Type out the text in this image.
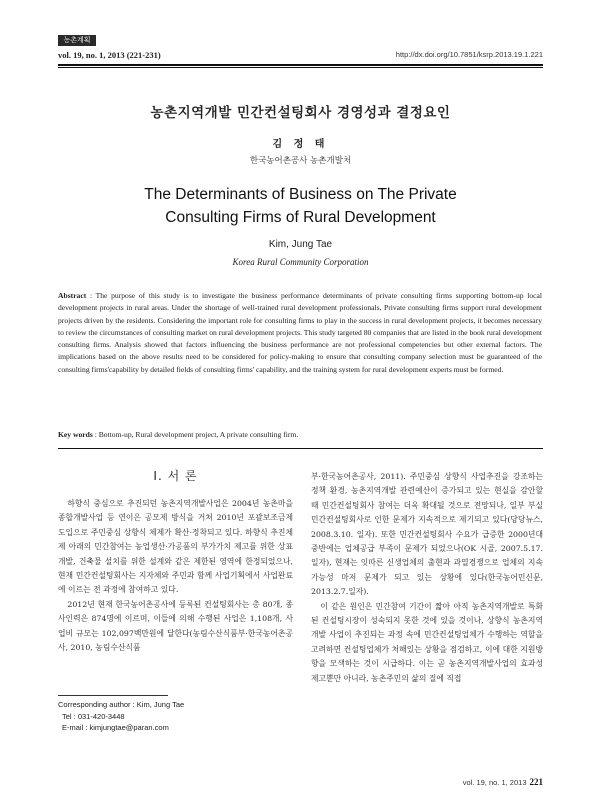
농촌계획
vol. 19, no. 1, 2013 (221-231)	http://dx.doi.org/10.7851/ksrp.2013.19.1.221
농촌지역개발 민간컨설팅회사 경영성과 결정요인
김 정 태
한국농어촌공사 농촌개발처
The Determinants of Business on The Private
Consulting Firms of Rural Development
Kim, Jung Tae
Korea Rural Community Corporation
Abstract : The purpose of this study is to investigate the business performance determinants of private consulting firms supporting bottom-up local development projects in rural areas. Under the shortage of well-trained rural development professionals, Private consulting firms support rural development projects driven by the residents. Considering the important role for consulting firms to play in the success in rural development projects, it becomes necessary to review the circumstances of consulting market on rural development projects. This study targeted 80 companies that are listed in the book rural development consulting firms. Analysis showed that factors influencing the business performance are not professional competencies but other external factors. The implications based on the above results need to be considered for policy-making to ensure that consulting company selection must be guaranteed of the consulting firms'capability by detailed fields of consulting firms' capability, and the training system for rural development experts must be formed.
Key words : Bottom-up, Rural development project, A private consulting firm.
I. 서 론

하향식 중심으로 추진되던 농촌지역개발사업은 2004년 농촌마을종합개발사업 등 연이은 공모제 방식을 거쳐 2010년 포괄보조금제 도입으로 주민중심 상향식 체제가 확산·정착되고 있다. 하향식 추진체제 아래의 민간참여는 농업생산·가공품의 부가가치 제고를 위한 상표개발, 건축물 설치를 위한 설계와 같은 제한된 영역에 한정되었으나, 현재 민간컨설팅회사는 지자체와 주민과 함께 사업기획에서 사업완료에 이르는 전 과정에 참여하고 있다.

2012년 현재 한국농어촌공사에 등록된 컨설팅회사는 총 80개, 종사인력은 874명에 이르며, 이들에 의해 수행된 사업은 1,108개, 사업비 규모는 102,097백만원에 달한다(농림수산식품부·한국농어촌공사, 2010, 농림수산식품

부·한국농어촌공사, 2011). 주민중심 상향식 사업추진을 강조하는 정책 환경, 농촌지역개발 관련예산이 증가되고 있는 현실을 감안할 때 민간컨설팅회사 참여는 더욱 확대될 것으로 전망되나, 일부 부실 민간컨설팅회사로 인한 문제가 지속적으로 제기되고 있다(당당뉴스, 2008.3.10. 일자). 또한 민간컨설팅회사 수요가 급증한 2000년대 중반에는 업체공급 부족이 문제가 되었으나(OK 시골, 2007.5.17. 일자), 현재는 잇따른 신생업체의 출현과 과열경쟁으로 업체의 지속가능성 마저 문제가 되고 있는 상황에 있다(한국농어민신문, 2013.2.7.일자).

이 같은 원인은 민간참여 기간이 짧아 아직 농촌지역개발로 특화된 컨설팅시장이 성숙되지 못한 것에 있을 것이나, 상향식 농촌지역개발 사업이 추진되는 과정 속에 민간컨설팅업체가 수행하는 역할을 고려하면 컨설팅업체가 처해있는 상황을 점검하고, 이에 대한 지원방향을 모색하는 것이 시급하다. 이는 곧 농촌지역개발사업의 효과성 제고뿐만 아니라, 농촌주민의 삶의 질에 직접

Corresponding author : Kim, Jung Tae
Tel : 031-420-3448
E-mail : kimjungtae@paran.com
vol. 19, no. 1, 2013 221
